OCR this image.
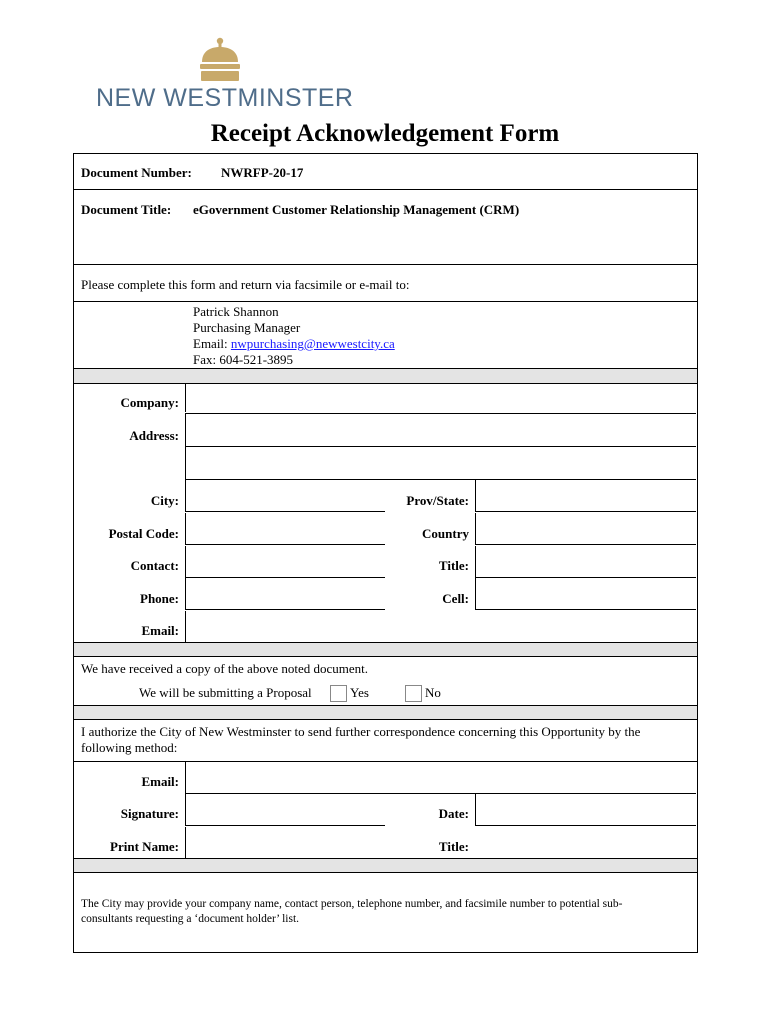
NEW WESTMINSTER
Receipt Acknowledgement Form
Document Number: NWRFP-20-17
Document Title: eGovernment Customer Relationship Management (CRM)
Please complete this form and return via facsimile or e-mail to:
Patrick Shannon
Purchasing Manager
Email: nwpurchasing@newwestcity.ca
Fax: 604-521-3895
Company:
Address:
City:	Prov/State:
Postal Code:	Country
Contact:	Title:
Phone:	Cell:
Email:
We have received a copy of the above noted document.
We will be submitting a Proposal	Yes	No
I authorize the City of New Westminster to send further correspondence concerning this Opportunity by the
following method:
Email:
Signature:	Date:
Print Name:	Title:
The City may provide your company name, contact person, telephone number, and facsimile number to potential sub-
consultants requesting a ‘document holder’ list.
